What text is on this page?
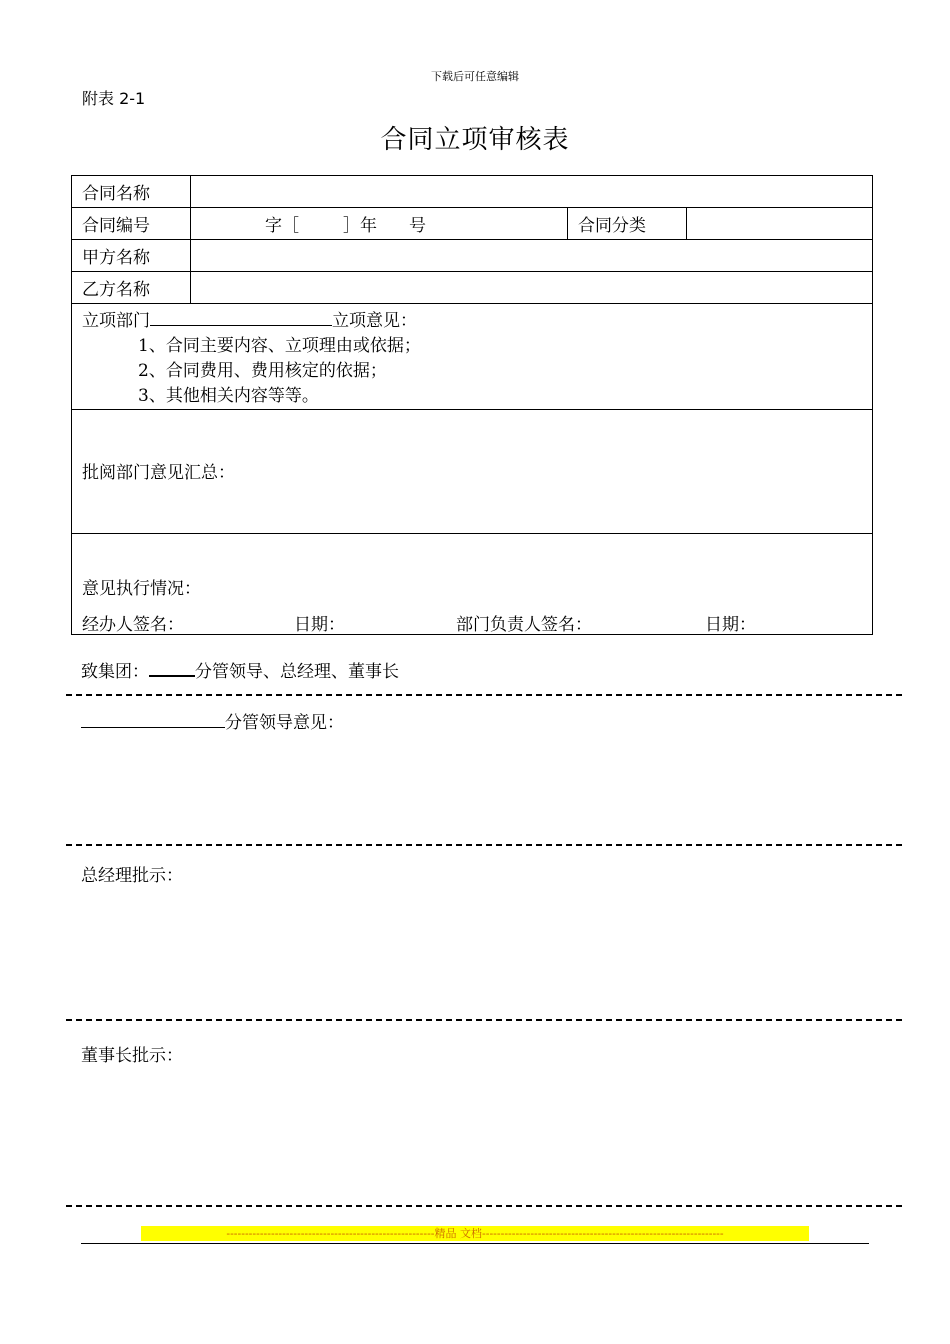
下载后可任意编辑
附表 2-1
合同立项审核表
合同名称			
合同编号	字［ ］年 号	合同分类	
甲方名称			
乙方名称			

立项部门 立项意见：
1、合同主要内容、立项理由或依据；
2、合同费用、费用核定的依据；
3、其他相关内容等等。			

批阅部门意见汇总：			

意见执行情况：
经办人签名： 日期： 部门负责人签名： 日期：			
致集团：	分管领导、总经理、董事长
分管领导意见：
总经理批示：
董事长批示：
--------------------------------------------------------精品 文档-----------------------------------------------------------------
